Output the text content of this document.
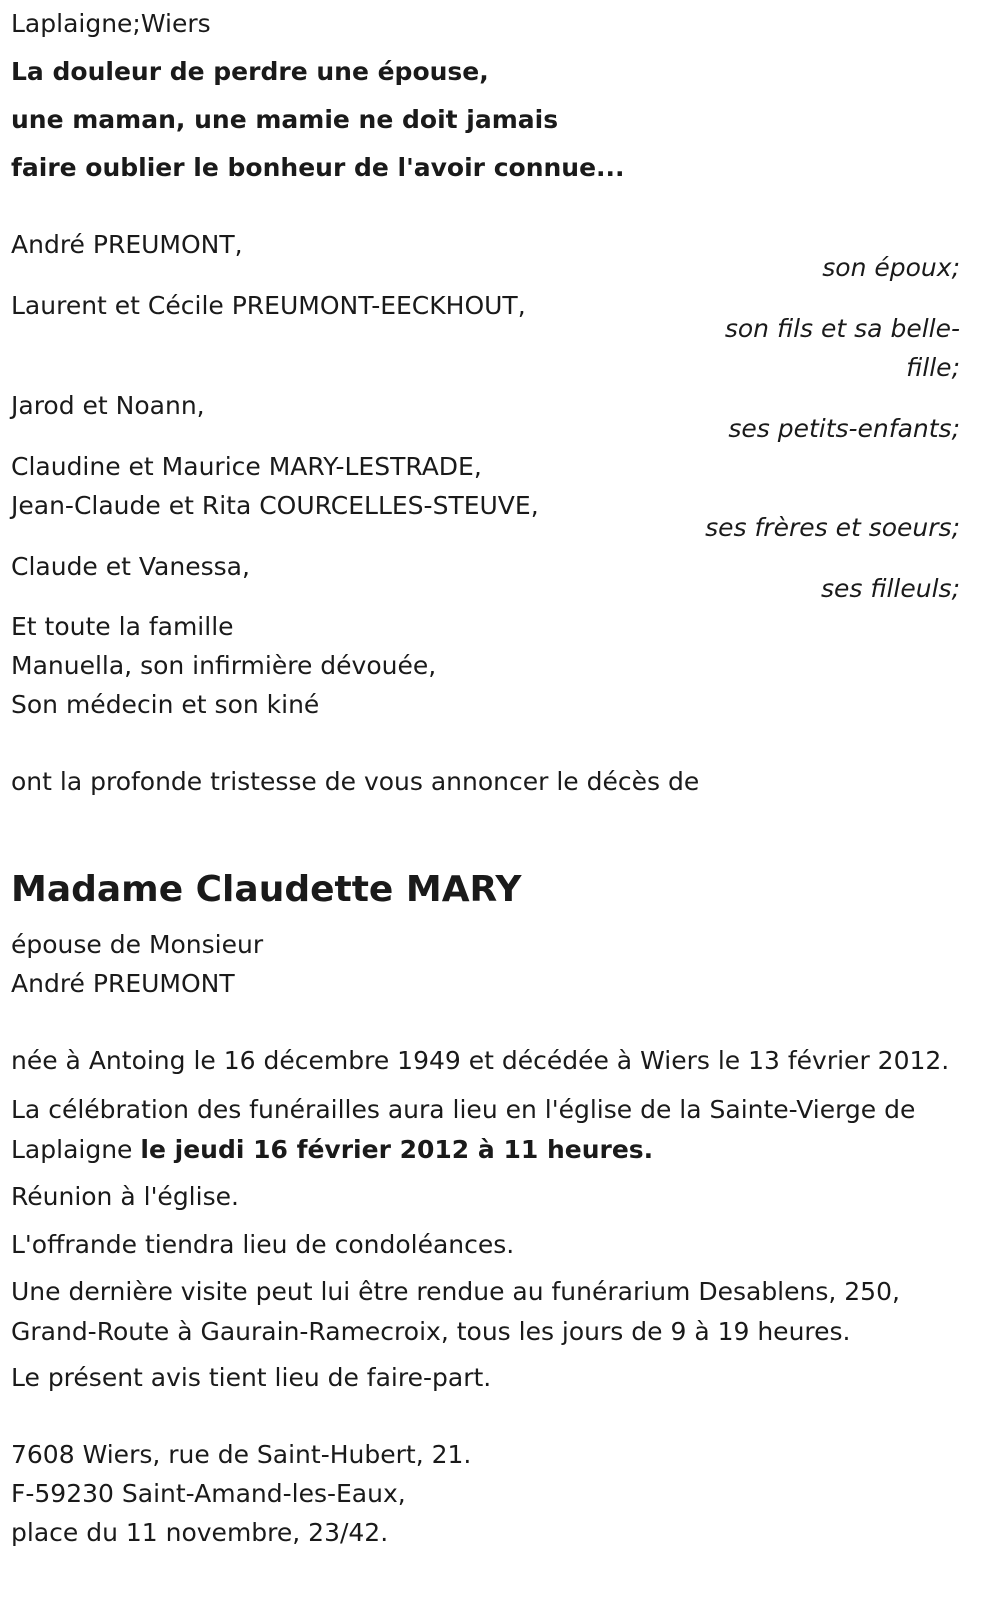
Laplaigne;Wiers
La douleur de perdre une épouse,
une maman, une mamie ne doit jamais
faire oublier le bonheur de l'avoir connue...
André PREUMONT,
son époux;
Laurent et Cécile PREUMONT-EECKHOUT,
son fils et sa belle-
fille;
Jarod et Noann,
ses petits-enfants;
Claudine et Maurice MARY-LESTRADE,
Jean-Claude et Rita COURCELLES-STEUVE,
ses frères et soeurs;
Claude et Vanessa,
ses filleuls;
Et toute la famille
Manuella, son infirmière dévouée,
Son médecin et son kiné
ont la profonde tristesse de vous annoncer le décès de
Madame Claudette MARY
épouse de Monsieur
André PREUMONT
née à Antoing le 16 décembre 1949 et décédée à Wiers le 13 février 2012.
La célébration des funérailles aura lieu en l'église de la Sainte-Vierge de Laplaigne le jeudi 16 février 2012 à 11 heures.
Réunion à l'église.
L'offrande tiendra lieu de condoléances.
Une dernière visite peut lui être rendue au funérarium Desablens, 250, Grand-Route à Gaurain-Ramecroix, tous les jours de 9 à 19 heures.
Le présent avis tient lieu de faire-part.
7608 Wiers, rue de Saint-Hubert, 21.
F-59230 Saint-Amand-les-Eaux,
place du 11 novembre, 23/42.
